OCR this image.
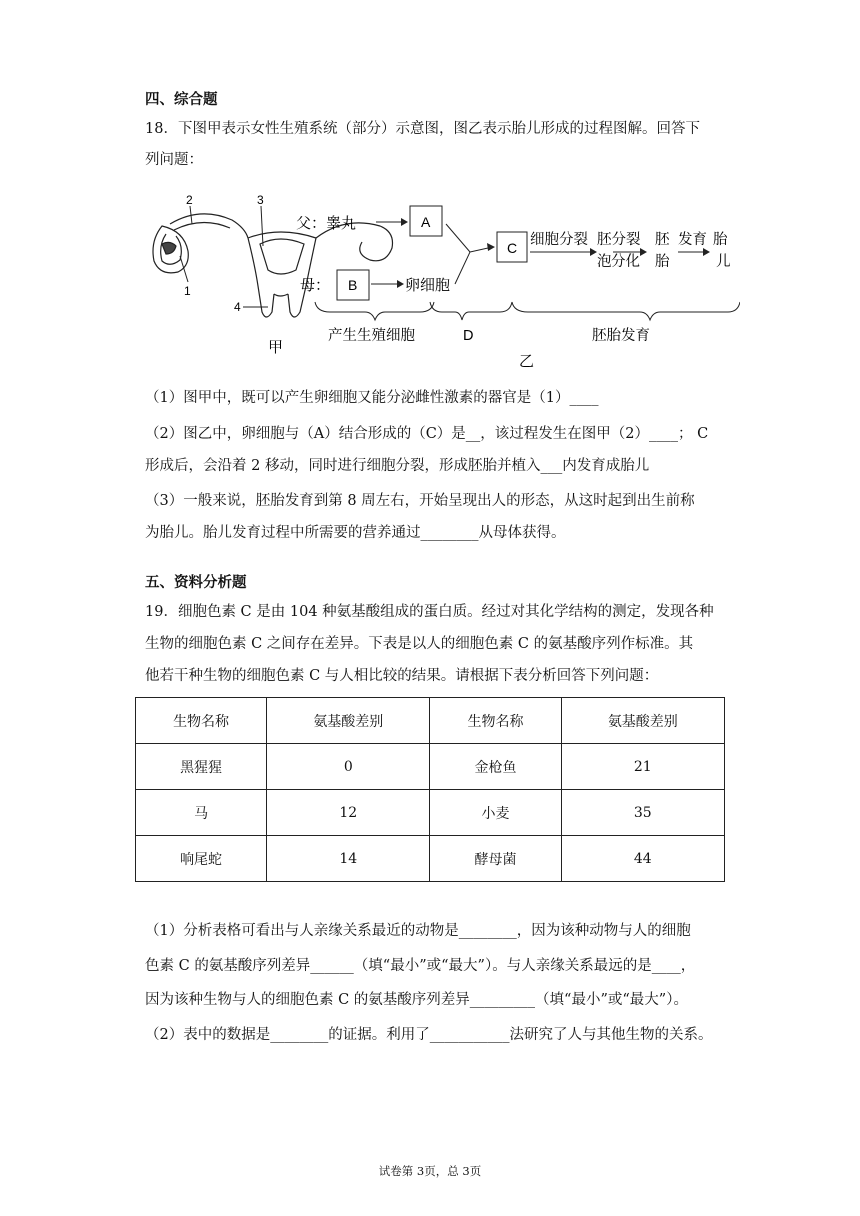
四、综合题
18．下图甲表示女性生殖系统（部分）示意图，图乙表示胎儿形成的过程图解。回答下
列问题：
甲
2	3
1
4
父：睾丸	A
母： B	卵细胞
C 细胞分裂 胚分裂
泡 分化
胚
胎
发育 胎
儿
产生生殖细胞	D	胚胎发育
乙
（1）图甲中，既可以产生卵细胞又能分泌雌性激素的器官是（1）____
（2）图乙中，卵细胞与（A）结合形成的（C）是__，该过程发生在图甲（2）____； C
形成后，会沿着 2 移动，同时进行细胞分裂，形成胚胎并植入___内发育成胎儿
（3）一般来说，胚胎发育到第 8 周左右，开始呈现出人的形态，从这时起到出生前称
为胎儿。胎儿发育过程中所需要的营养通过________从母体获得。
五、资料分析题
19．细胞色素 C 是由 104 种氨基酸组成的蛋白质。经过对其化学结构的测定，发现各种
生物的细胞色素 C 之间存在差异。下表是以人的细胞色素 C 的氨基酸序列作标准。其
他若干种生物的细胞色素 C 与人相比较的结果。请根据下表分析回答下列问题：
生物名称	氨基酸差别	生物名称	氨基酸差别
黑猩猩	0	金枪鱼	21
马	12	小麦	35
响尾蛇	14	酵母菌	44
（1）分析表格可看出与人亲缘关系最近的动物是________，因为该种动物与人的细胞
色素 C 的氨基酸序列差异______（填“最小”或“最大”）。与人亲缘关系最远的是____，
因为该种生物与人的细胞色素 C 的氨基酸序列差异_________（填“最小”或“最大”）。
（2）表中的数据是________的证据。利用了___________法研究了人与其他生物的关系。
试卷第 3页，总 3页
